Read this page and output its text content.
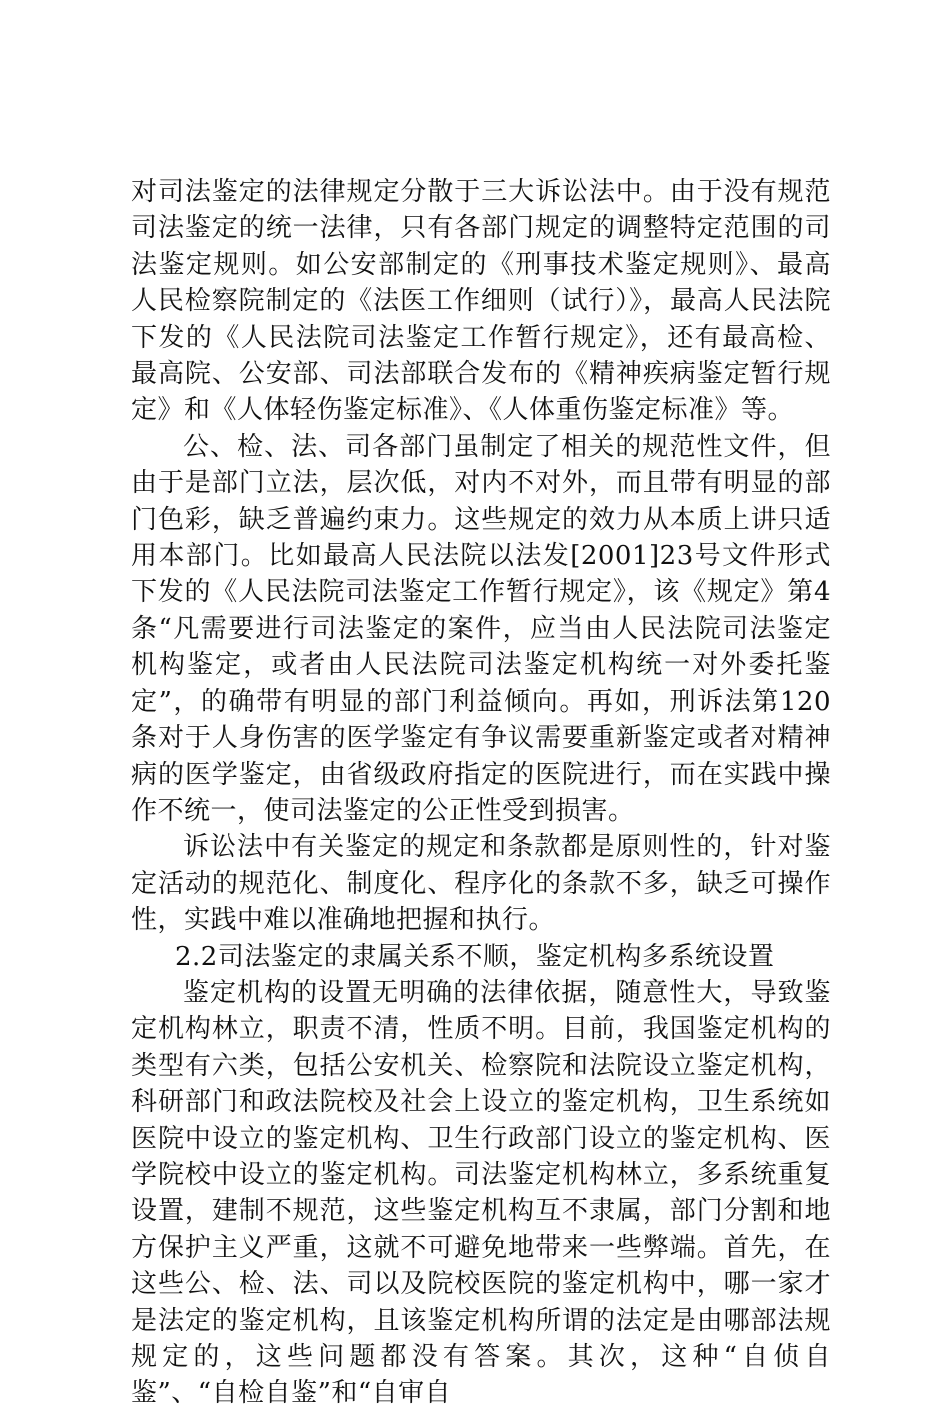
对司法鉴定的法律规定分散于三大诉讼法中。由于没有规范司法鉴定的统一法律，只有各部门规定的调整特定范围的司法鉴定规则。如公安部制定的《刑事技术鉴定规则》、最高人民检察院制定的《法医工作细则（试行）》，最高人民法院下发的《人民法院司法鉴定工作暂行规定》，还有最高检、最高院、公安部、司法部联合发布的《精神疾病鉴定暂行规定》和《人体轻伤鉴定标准》、《人体重伤鉴定标准》等。

公、检、法、司各部门虽制定了相关的规范性文件，但由于是部门立法，层次低，对内不对外，而且带有明显的部门色彩，缺乏普遍约束力。这些规定的效力从本质上讲只适用本部门。比如最高人民法院以法发[2001]23号文件形式下发的《人民法院司法鉴定工作暂行规定》，该《规定》第4条“凡需要进行司法鉴定的案件，应当由人民法院司法鉴定机构鉴定，或者由人民法院司法鉴定机构统一对外委托鉴定”，的确带有明显的部门利益倾向。再如，刑诉法第120条对于人身伤害的医学鉴定有争议需要重新鉴定或者对精神病的医学鉴定，由省级政府指定的医院进行，而在实践中操作不统一，使司法鉴定的公正性受到损害。

诉讼法中有关鉴定的规定和条款都是原则性的，针对鉴定活动的规范化、制度化、程序化的条款不多，缺乏可操作性，实践中难以准确地把握和执行。

2.2司法鉴定的隶属关系不顺，鉴定机构多系统设置

鉴定机构的设置无明确的法律依据，随意性大，导致鉴定机构林立，职责不清，性质不明。目前，我国鉴定机构的类型有六类，包括公安机关、检察院和法院设立鉴定机构，科研部门和政法院校及社会上设立的鉴定机构，卫生系统如医院中设立的鉴定机构、卫生行政部门设立的鉴定机构、医学院校中设立的鉴定机构。司法鉴定机构林立，多系统重复设置，建制不规范，这些鉴定机构互不隶属，部门分割和地方保护主义严重，这就不可避免地带来一些弊端。首先，在这些公、检、法、司以及院校医院的鉴定机构中，哪一家才是法定的鉴定机构，且该鉴定机构所谓的法定是由哪部法规规定的，这些问题都没有答案。其次，这种“自侦自鉴”、“自检自鉴”和“自审自
